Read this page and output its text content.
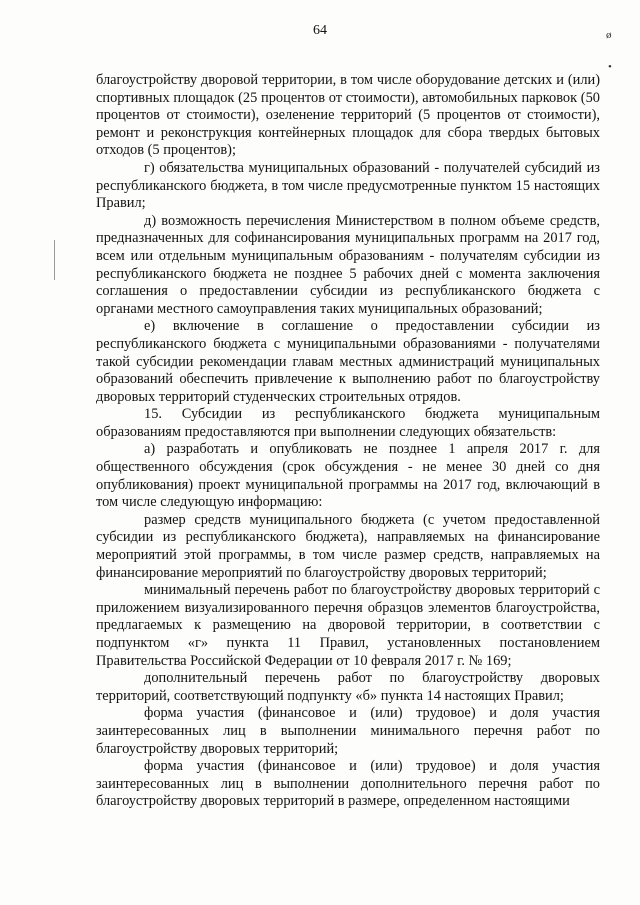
64	ø
•

благоустройству дворовой территории, в том числе оборудование детских и (или) спортивных площадок (25 процентов от стоимости), автомобильных парковок (50 процентов от стоимости), озеленение территорий (5 процентов от стоимости), ремонт и реконструкция контейнерных площадок для сбора твердых бытовых отходов (5 процентов);

г) обязательства муниципальных образований - получателей субсидий из республиканского бюджета, в том числе предусмотренные пунктом 15 настоящих Правил;

д) возможность перечисления Министерством в полном объеме средств, предназначенных для софинансирования муниципальных программ на 2017 год, всем или отдельным муниципальным образованиям - получателям субсидии из республиканского бюджета не позднее 5 рабочих дней с момента заключения соглашения о предоставлении субсидии из республиканского бюджета с органами местного самоуправления таких муниципальных образований;

е) включение в соглашение о предоставлении субсидии из республиканского бюджета с муниципальными образованиями - получателями такой субсидии рекомендации главам местных администраций муниципальных образований обеспечить привлечение к выполнению работ по благоустройству дворовых территорий студенческих строительных отрядов.

15. Субсидии из республиканского бюджета муниципальным образованиям предоставляются при выполнении следующих обязательств:

а) разработать и опубликовать не позднее 1 апреля 2017 г. для общественного обсуждения (срок обсуждения - не менее 30 дней со дня опубликования) проект муниципальной программы на 2017 год, включающий в том числе следующую информацию:

размер средств муниципального бюджета (с учетом предоставленной субсидии из республиканского бюджета), направляемых на финансирование мероприятий этой программы, в том числе размер средств, направляемых на финансирование мероприятий по благоустройству дворовых территорий;

минимальный перечень работ по благоустройству дворовых территорий с приложением визуализированного перечня образцов элементов благоустройства, предлагаемых к размещению на дворовой территории, в соответствии с подпунктом «г» пункта 11 Правил, установленных постановлением Правительства Российской Федерации от 10 февраля 2017 г. № 169;

дополнительный перечень работ по благоустройству дворовых территорий, соответствующий подпункту «б» пункта 14 настоящих Правил;

форма участия (финансовое и (или) трудовое) и доля участия заинтересованных лиц в выполнении минимального перечня работ по благоустройству дворовых территорий;

форма участия (финансовое и (или) трудовое) и доля участия заинтересованных лиц в выполнении дополнительного перечня работ по благоустройству дворовых территорий в размере, определенном настоящими
